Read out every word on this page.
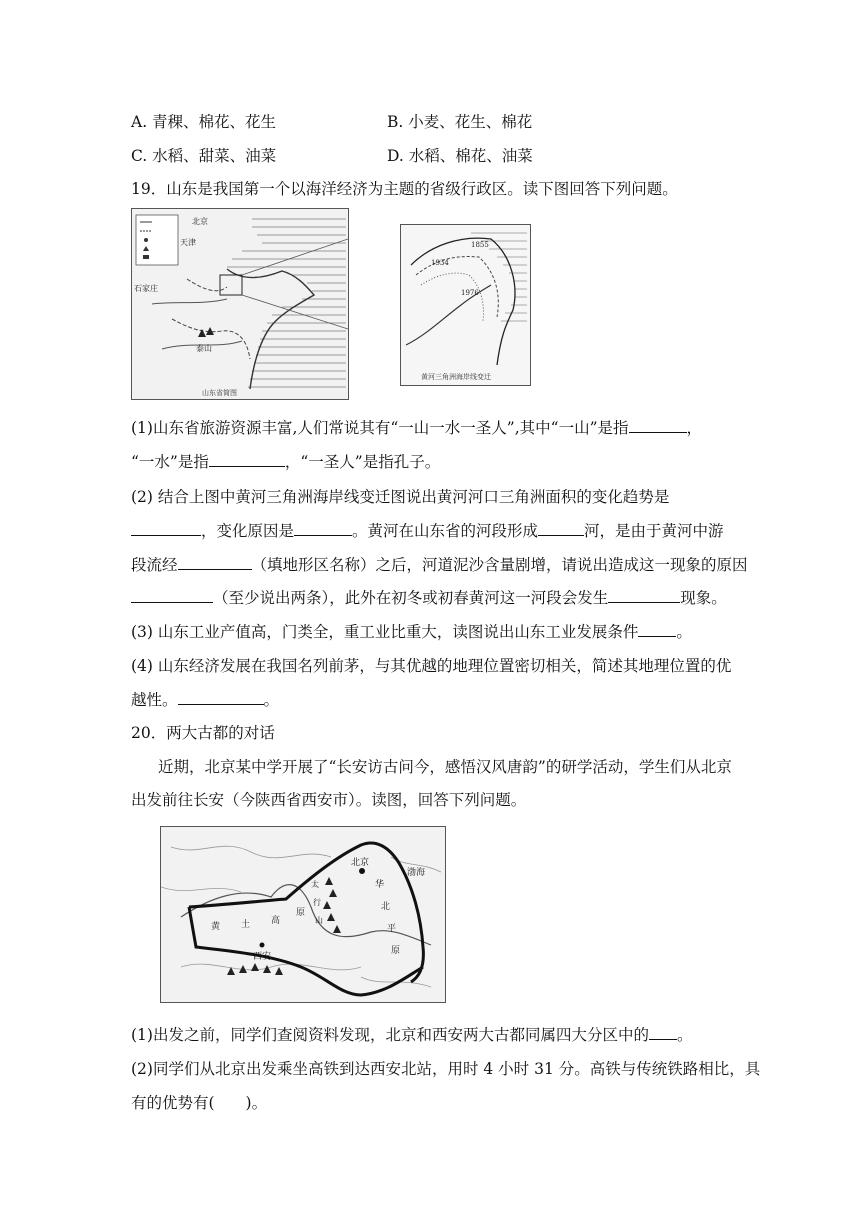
A. 青稞、棉花、花生	B. 小麦、花生、棉花
C. 水稻、甜菜、油菜	D. 水稻、棉花、油菜
19．山东是我国第一个以海洋经济为主题的省级行政区。读下图回答下列问题。
北京
天津
石家庄
泰山
山东省简图
1855
1934
1976
黄河三角洲海岸线变迁
(1)山东省旅游资源丰富,人们常说其有“一山一水一圣人”,其中“一山”是指	，
“一水”是指	，“一圣人”是指孔子。
(2) 结合上图中黄河三角洲海岸线变迁图说出黄河河口三角洲面积的变化趋势是
，变化原因是	。黄河在山东省的河段形成	河，是由于黄河中游
段流经	（填地形区名称）之后，河道泥沙含量剧增，请说出造成这一现象的原因
（至少说出两条），此外在初冬或初春黄河这一河段会发生	现象。
(3) 山东工业产值高，门类全，重工业比重大，读图说出山东工业发展条件 。
(4) 山东经济发展在我国名列前茅，与其优越的地理位置密切相关，简述其地理位置的优
越性。	。
20．两大古都的对话
近期，北京某中学开展了“长安访古问今，感悟汉风唐韵”的研学活动，学生们从北京
出发前往长安（今陕西省西安市）。读图，回答下列问题。
北京
西安
黄 土 高
原
太
行
山
华
北
平
原
渤海
(1)出发之前，同学们查阅资料发现，北京和西安两大古都同属四大分区中的 。
(2)同学们从北京出发乘坐高铁到达西安北站，用时 4 小时 31 分。高铁与传统铁路相比，具
有的优势有(　　)。
